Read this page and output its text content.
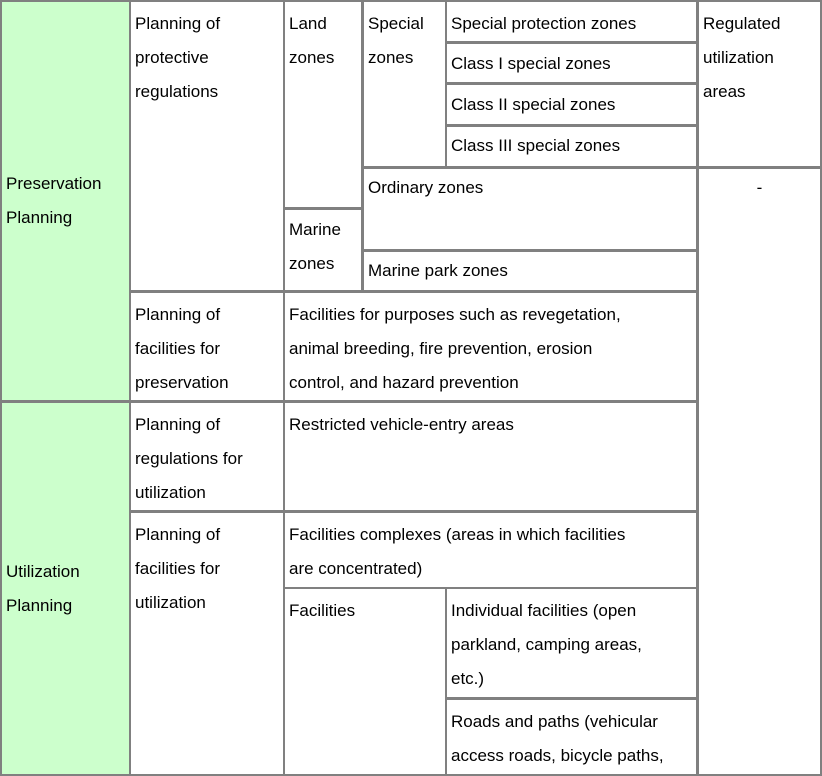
Preservation
Planning
Utilization
Planning
Planning of
protective
regulations
Planning of
facilities for
preservation
Planning of
regulations for
utilization
Planning of
facilities for
utilization
Land
zones
Marine
zones
Special
zones
Special protection zones
Class I special zones
Class II special zones
Class III special zones
Ordinary zones
Marine park zones
Regulated
utilization
areas
-
Facilities for purposes such as revegetation,
animal breeding, fire prevention, erosion
control, and hazard prevention
Restricted vehicle-entry areas
Facilities complexes (areas in which facilities
are concentrated)
Facilities	Individual facilities (open
parkland, camping areas,
etc.)
Roads and paths (vehicular
access roads, bicycle paths,
